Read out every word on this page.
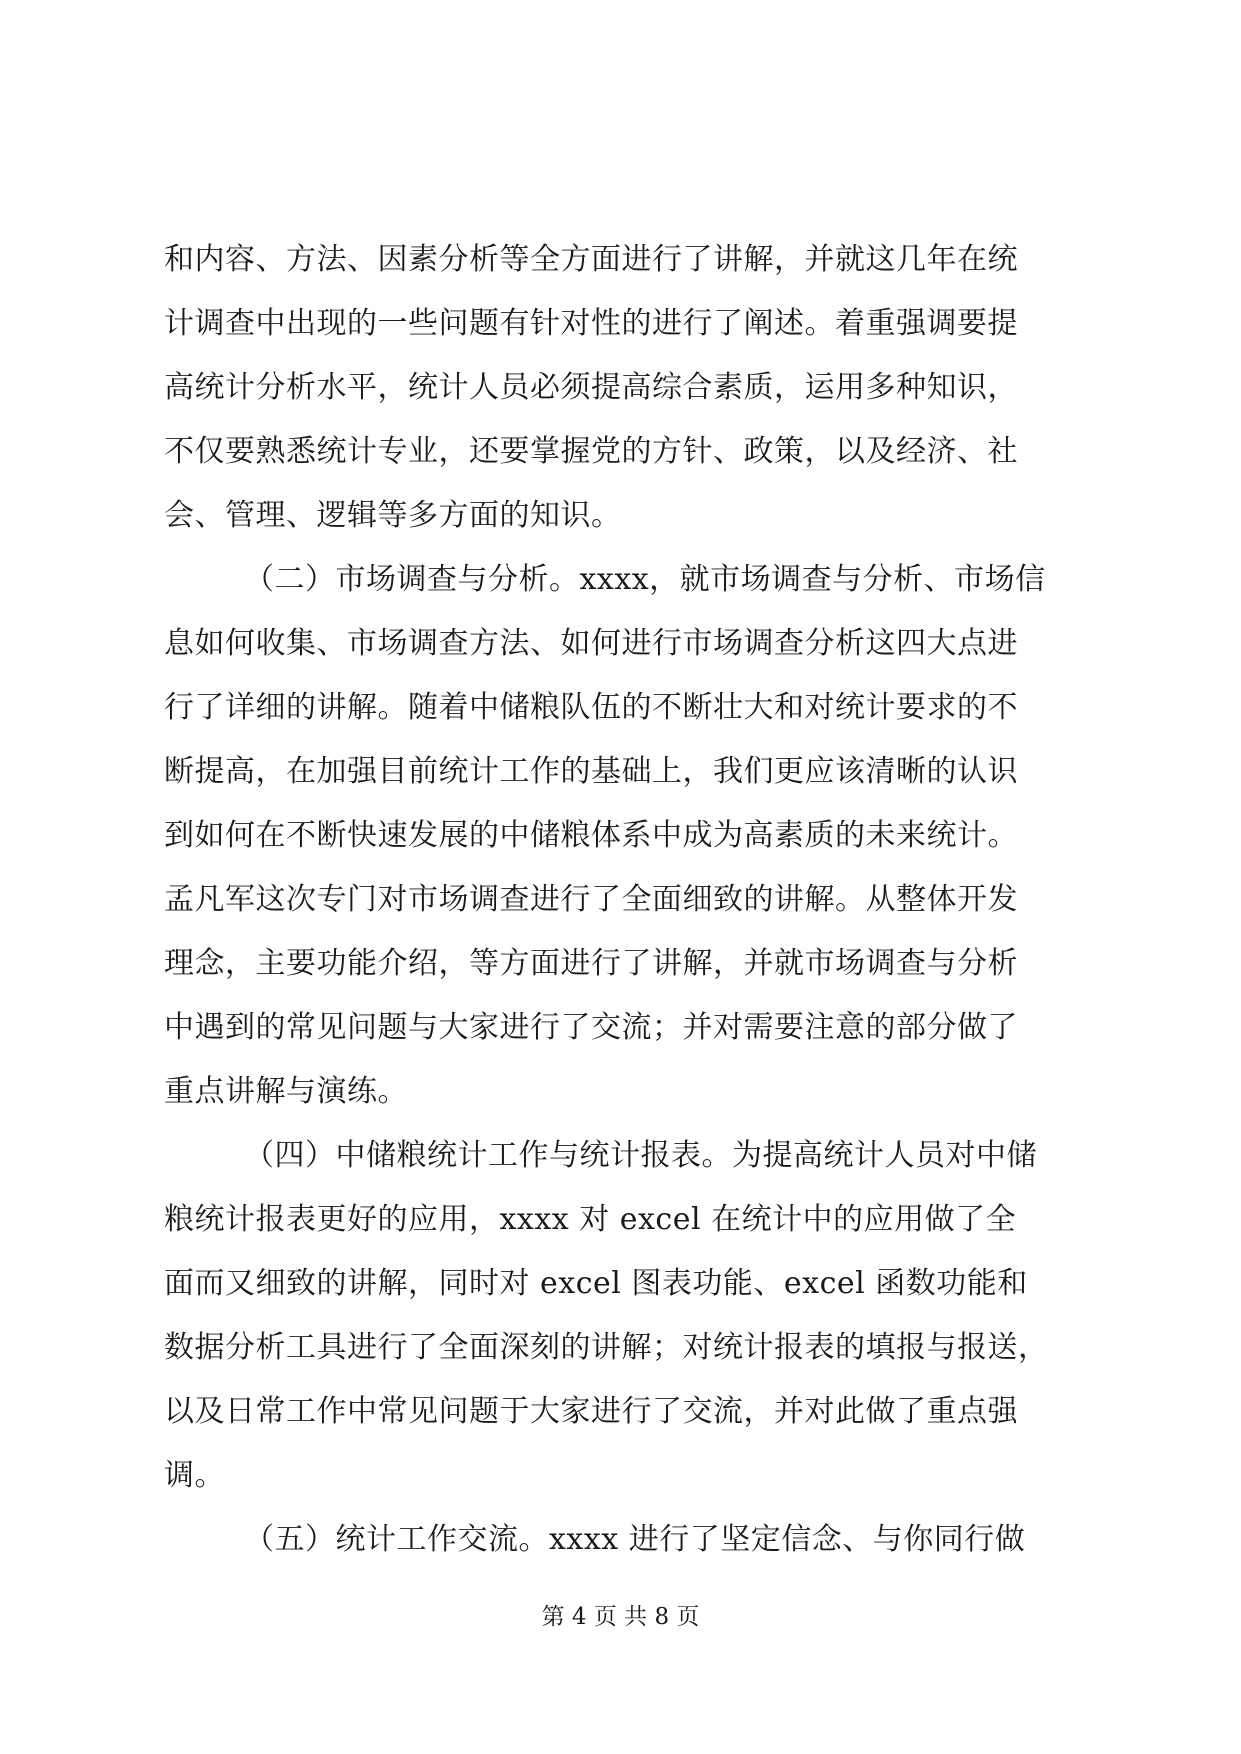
和内容、方法、因素分析等全方面进行了讲解，并就这几年在统
计调查中出现的一些问题有针对性的进行了阐述。着重强调要提
高统计分析水平，统计人员必须提高综合素质，运用多种知识，
不仅要熟悉统计专业，还要掌握党的方针、政策，以及经济、社
会、管理、逻辑等多方面的知识。
（二）市场调查与分析。xxxx，就市场调查与分析、市场信
息如何收集、市场调查方法、如何进行市场调查分析这四大点进
行了详细的讲解。随着中储粮队伍的不断壮大和对统计要求的不
断提高，在加强目前统计工作的基础上，我们更应该清晰的认识
到如何在不断快速发展的中储粮体系中成为高素质的未来统计。
孟凡军这次专门对市场调查进行了全面细致的讲解。从整体开发
理念，主要功能介绍，等方面进行了讲解，并就市场调查与分析
中遇到的常见问题与大家进行了交流；并对需要注意的部分做了
重点讲解与演练。
（四）中储粮统计工作与统计报表。为提高统计人员对中储
粮统计报表更好的应用，xxxx 对 excel 在统计中的应用做了全
面而又细致的讲解，同时对 excel 图表功能、excel 函数功能和
数据分析工具进行了全面深刻的讲解；对统计报表的填报与报送，
以及日常工作中常见问题于大家进行了交流，并对此做了重点强
调。
（五）统计工作交流。xxxx 进行了坚定信念、与你同行做
第 4 页 共 8 页
